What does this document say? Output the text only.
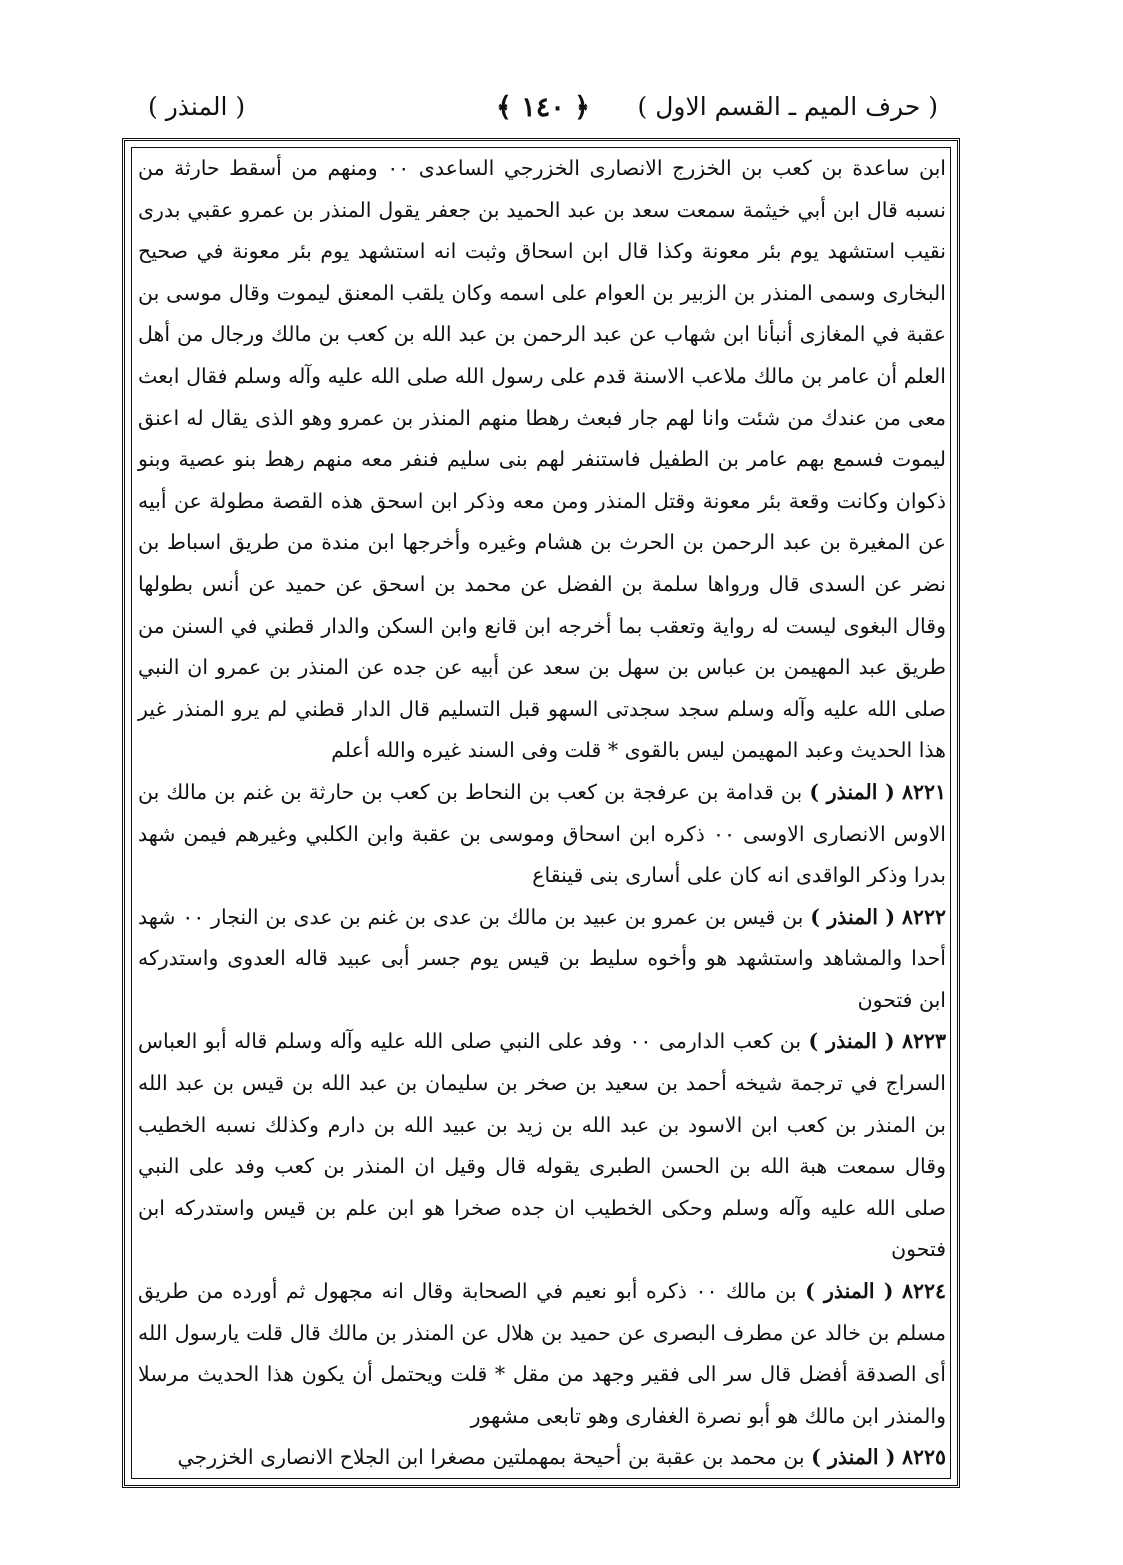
( حرف الميم ـ القسم الاول )
﴿ ١٤٠ ﴾
( المنذر )

ابن ساعدة بن كعب بن الخزرج الانصارى الخزرجي الساعدى ٠٠ ومنهم من أسقط حارثة من نسبه قال ابن أبي خيثمة سمعت سعد بن عبد الحميد بن جعفر يقول المنذر بن عمرو عقبي بدرى نقيب استشهد يوم بئر معونة وكذا قال ابن اسحاق وثبت انه استشهد يوم بئر معونة في صحيح البخارى وسمى المنذر بن الزبير بن العوام على اسمه وكان يلقب المعنق ليموت وقال موسى بن عقبة في المغازى أنبأنا ابن شهاب عن عبد الرحمن بن عبد الله بن كعب بن مالك ورجال من أهل العلم أن عامر بن مالك ملاعب الاسنة قدم على رسول الله صلى الله عليه وآله وسلم فقال ابعث معى من عندك من شئت وانا لهم جار فبعث رهطا منهم المنذر بن عمرو وهو الذى يقال له اعنق ليموت فسمع بهم عامر بن الطفيل فاستنفر لهم بنى سليم فنفر معه منهم رهط بنو عصية وبنو ذكوان وكانت وقعة بئر معونة وقتل المنذر ومن معه وذكر ابن اسحق هذه القصة مطولة عن أبيه عن المغيرة بن عبد الرحمن بن الحرث بن هشام وغيره وأخرجها ابن مندة من طريق اسباط بن نضر عن السدى قال ورواها سلمة بن الفضل عن محمد بن اسحق عن حميد عن أنس بطولها وقال البغوى ليست له رواية وتعقب بما أخرجه ابن قانع وابن السكن والدار قطني في السنن من طريق عبد المهيمن بن عباس بن سهل بن سعد عن أبيه عن جده عن المنذر بن عمرو ان النبي صلى الله عليه وآله وسلم سجد سجدتى السهو قبل التسليم قال الدار قطني لم يرو المنذر غير هذا الحديث وعبد المهيمن ليس بالقوى * قلت وفى السند غيره والله أعلم

٨٢٢١ ( المنذر ) بن قدامة بن عرفجة بن كعب بن النحاط بن كعب بن حارثة بن غنم بن مالك بن الاوس الانصارى الاوسى ٠٠ ذكره ابن اسحاق وموسى بن عقبة وابن الكلبي وغيرهم فيمن شهد بدرا وذكر الواقدى انه كان على أسارى بنى قينقاع

٨٢٢٢ ( المنذر ) بن قيس بن عمرو بن عبيد بن مالك بن عدى بن غنم بن عدى بن النجار ٠٠ شهد أحدا والمشاهد واستشهد هو وأخوه سليط بن قيس يوم جسر أبى عبيد قاله العدوى واستدركه ابن فتحون

٨٢٢٣ ( المنذر ) بن كعب الدارمى ٠٠ وفد على النبي صلى الله عليه وآله وسلم قاله أبو العباس السراج في ترجمة شيخه أحمد بن سعيد بن صخر بن سليمان بن عبد الله بن قيس بن عبد الله بن المنذر بن كعب ابن الاسود بن عبد الله بن زيد بن عبيد الله بن دارم وكذلك نسبه الخطيب وقال سمعت هبة الله بن الحسن الطبرى يقوله قال وقيل ان المنذر بن كعب وفد على النبي صلى الله عليه وآله وسلم وحكى الخطيب ان جده صخرا هو ابن علم بن قيس واستدركه ابن فتحون

٨٢٢٤ ( المنذر ) بن مالك ٠٠ ذكره أبو نعيم في الصحابة وقال انه مجهول ثم أورده من طريق مسلم بن خالد عن مطرف البصرى عن حميد بن هلال عن المنذر بن مالك قال قلت يارسول الله أى الصدقة أفضل قال سر الى فقير وجهد من مقل * قلت ويحتمل أن يكون هذا الحديث مرسلا والمنذر ابن مالك هو أبو نصرة الغفارى وهو تابعى مشهور

٨٢٢٥ ( المنذر ) بن محمد بن عقبة بن أحيحة بمهملتين مصغرا ابن الجلاح الانصارى الخزرجي
